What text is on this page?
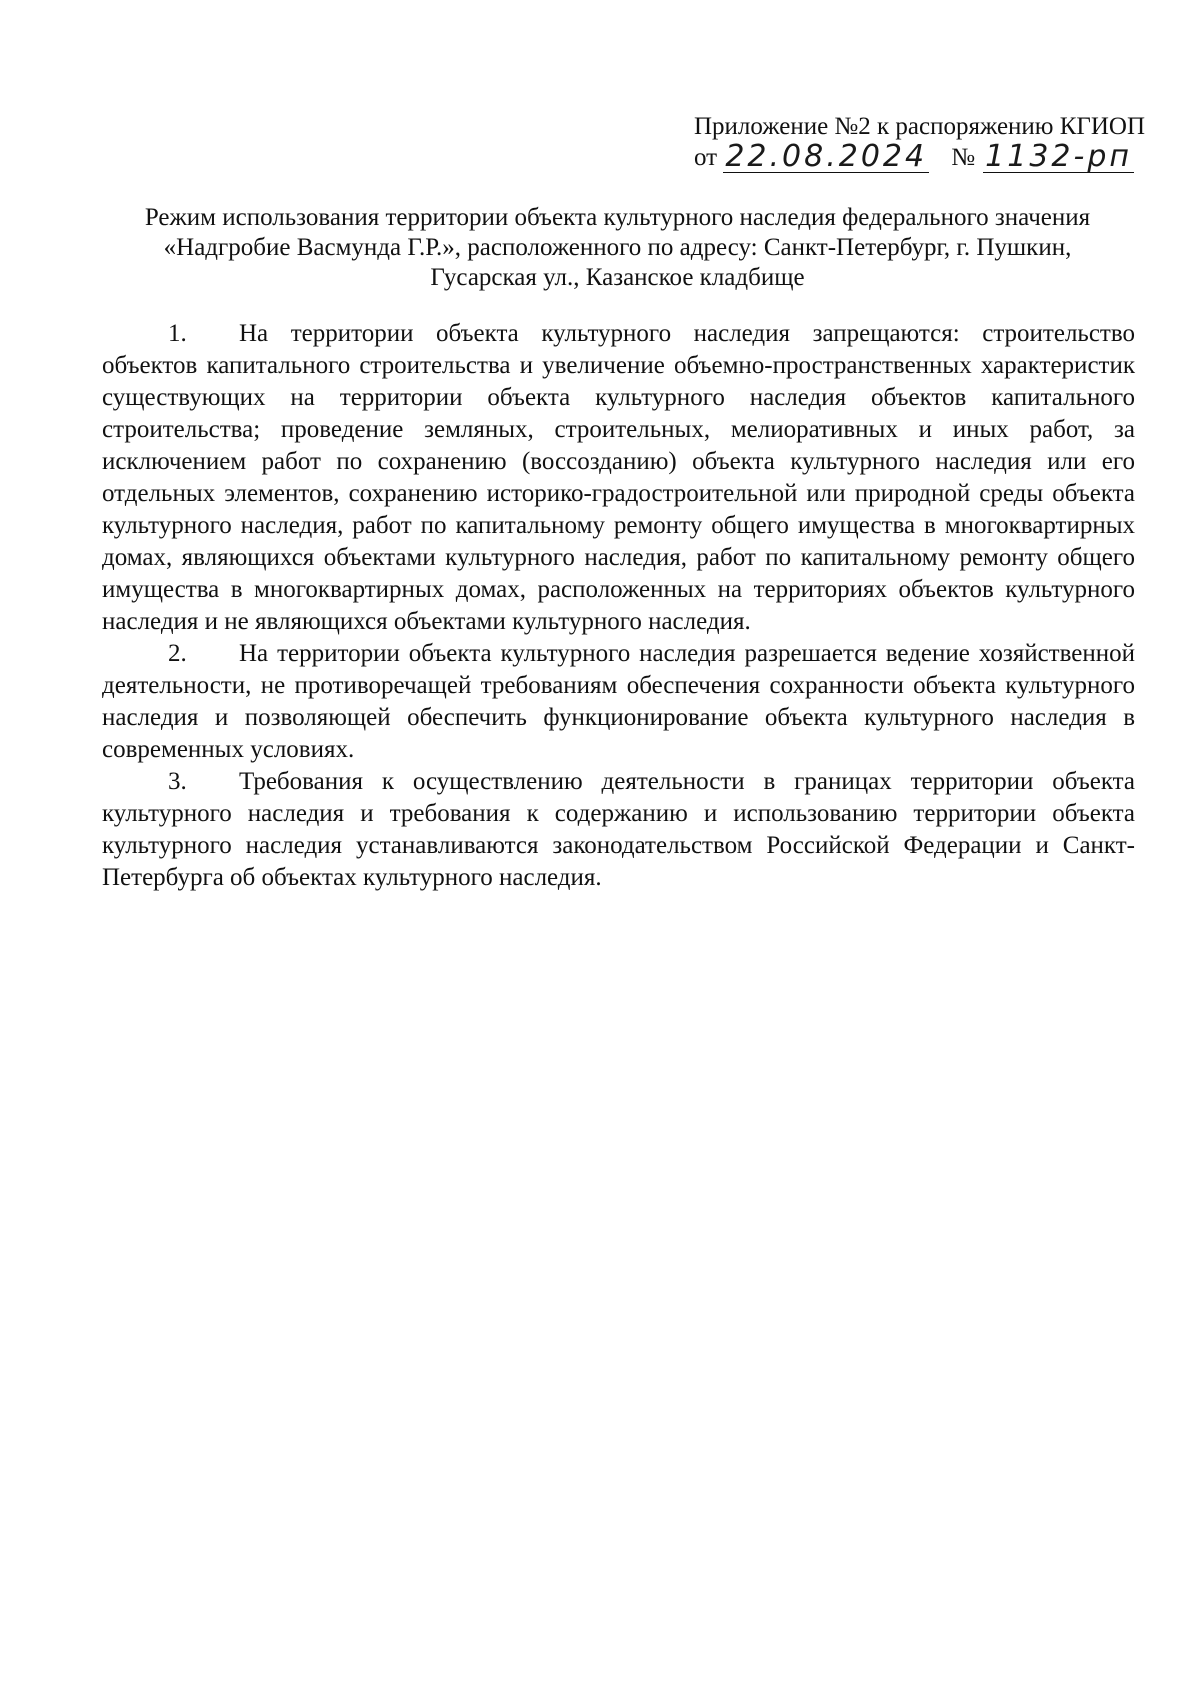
Приложение №2 к распоряжению КГИОП
от 22.08.2024 № 1132-рп
Режим использования территории объекта культурного наследия федерального значения
«Надгробие Васмунда Г.Р.», расположенного по адресу: Санкт-Петербург, г. Пушкин,
Гусарская ул., Казанское кладбище

1. На территории объекта культурного наследия запрещаются: строительство объектов капитального строительства и увеличение объемно-пространственных характеристик существующих на территории объекта культурного наследия объектов капитального строительства; проведение земляных, строительных, мелиоративных и иных работ, за исключением работ по сохранению (воссозданию) объекта культурного наследия или его отдельных элементов, сохранению историко-градостроительной или природной среды объекта культурного наследия, работ по капитальному ремонту общего имущества в многоквартирных домах, являющихся объектами культурного наследия, работ по капитальному ремонту общего имущества в многоквартирных домах, расположенных на территориях объектов культурного наследия и не являющихся объектами культурного наследия.

2. На территории объекта культурного наследия разрешается ведение хозяйственной деятельности, не противоречащей требованиям обеспечения сохранности объекта культурного наследия и позволяющей обеспечить функционирование объекта культурного наследия в современных условиях.

3. Требования к осуществлению деятельности в границах территории объекта культурного наследия и требования к содержанию и использованию территории объекта культурного наследия устанавливаются законодательством Российской Федерации и Санкт-Петербурга об объектах культурного наследия.
